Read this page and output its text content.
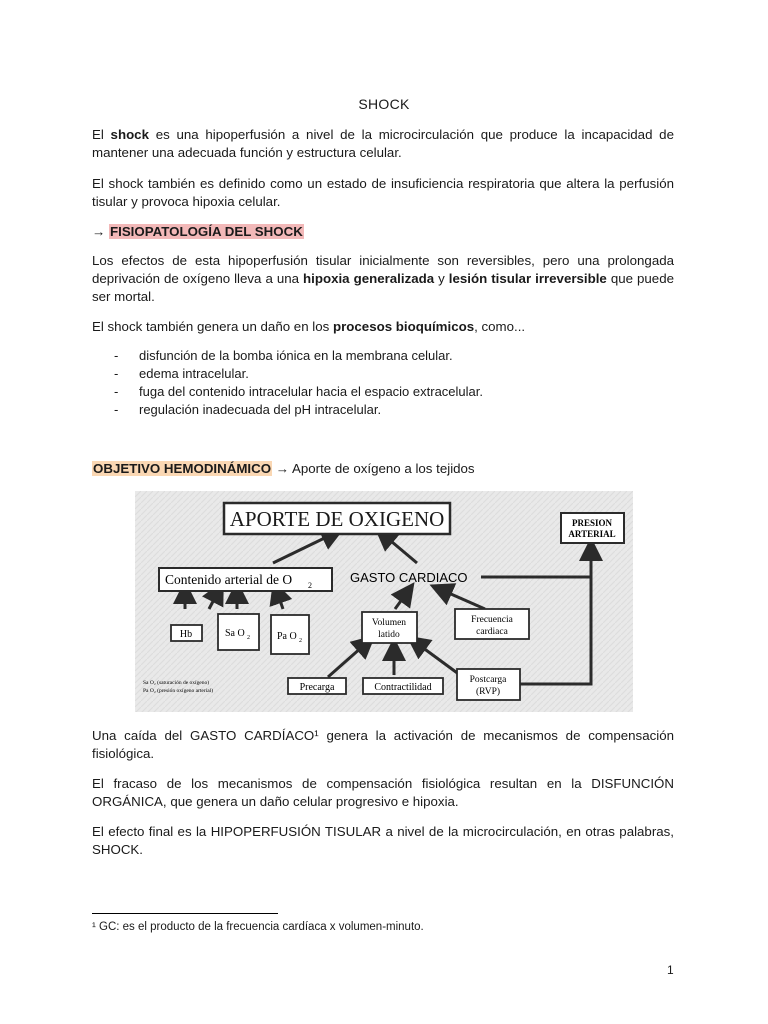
SHOCK

El shock es una hipoperfusión a nivel de la microcirculación que produce la incapacidad de mantener una adecuada función y estructura celular.

El shock también es definido como un estado de insuficiencia respiratoria que altera la perfusión tisular y provoca hipoxia celular.

→ FISIOPATOLOGÍA DEL SHOCK

Los efectos de esta hipoperfusión tisular inicialmente son reversibles, pero una prolongada deprivación de oxígeno lleva a una hipoxia generalizada y lesión tisular irreversible que puede ser mortal.

El shock también genera un daño en los procesos bioquímicos, como...

OBJETIVO HEMODINÁMICO → Aporte de oxígeno a los tejidos

Una caída del GASTO CARDÍACO¹ genera la activación de mecanismos de compensación fisiológica.

El fracaso de los mecanismos de compensación fisiológica resultan en la DISFUNCIÓN ORGÁNICA, que genera un daño celular progresivo e hipoxia.

El efecto final es la HIPOPERFUSIÓN TISULAR a nivel de la microcirculación, en otras palabras, SHOCK.

- disfunción de la bomba iónica en la membrana celular.
- edema intracelular.
- fuga del contenido intracelular hacia el espacio extracelular.
- regulación inadecuada del pH intracelular.
APORTE DE OXIGENO	PRESION
ARTERIAL
Contenido arterial de O 2
GASTO CARDIACO
Hb	Sa O 2	Pa O 2
Volumen
latido
Frecuencia
cardiaca
Precarga	Contractilidad
Postcarga
(RVP)
Sa O₂ (saturación de oxígeno)
Pa O₂ (presión oxígeno arterial)
¹ GC: es el producto de la frecuencia cardíaca x volumen-minuto.
1
